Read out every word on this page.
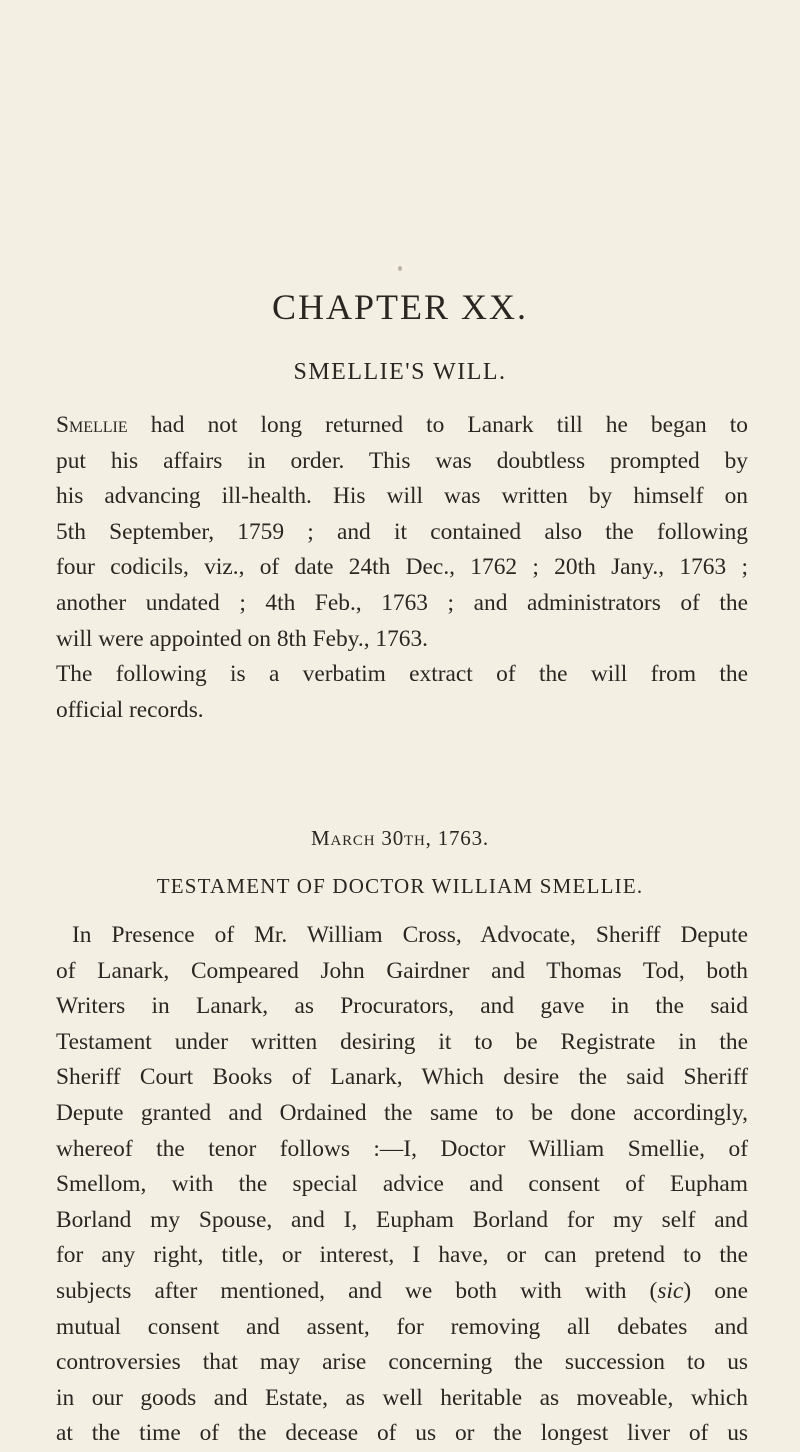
CHAPTER XX.
SMELLIE'S WILL.
Smellie had not long returned to Lanark till he began to
put his affairs in order. This was doubtless prompted by
his advancing ill-health. His will was written by himself on
5th September, 1759 ; and it contained also the following
four codicils, viz., of date 24th Dec., 1762 ; 20th Jany., 1763 ;
another undated ; 4th Feb., 1763 ; and administrators of the
will were appointed on 8th Feby., 1763.
The following is a verbatim extract of the will from the
official records.

March 30th, 1763.

TESTAMENT OF DOCTOR WILLIAM SMELLIE.
In Presence of Mr. William Cross, Advocate, Sheriff Depute
of Lanark, Compeared John Gairdner and Thomas Tod, both
Writers in Lanark, as Procurators, and gave in the said
Testament under written desiring it to be Registrate in the
Sheriff Court Books of Lanark, Which desire the said Sheriff
Depute granted and Ordained the same to be done accordingly,
whereof the tenor follows :—I, Doctor William Smellie, of
Smellom, with the special advice and consent of Eupham
Borland my Spouse, and I, Eupham Borland for my self and
for any right, title, or interest, I have, or can pretend to the
subjects after mentioned, and we both with with (sic) one
mutual consent and assent, for removing all debates and
controversies that may arise concerning the succession to us
in our goods and Estate, as well heritable as moveable, which
at the time of the decease of us or the longest liver of us
